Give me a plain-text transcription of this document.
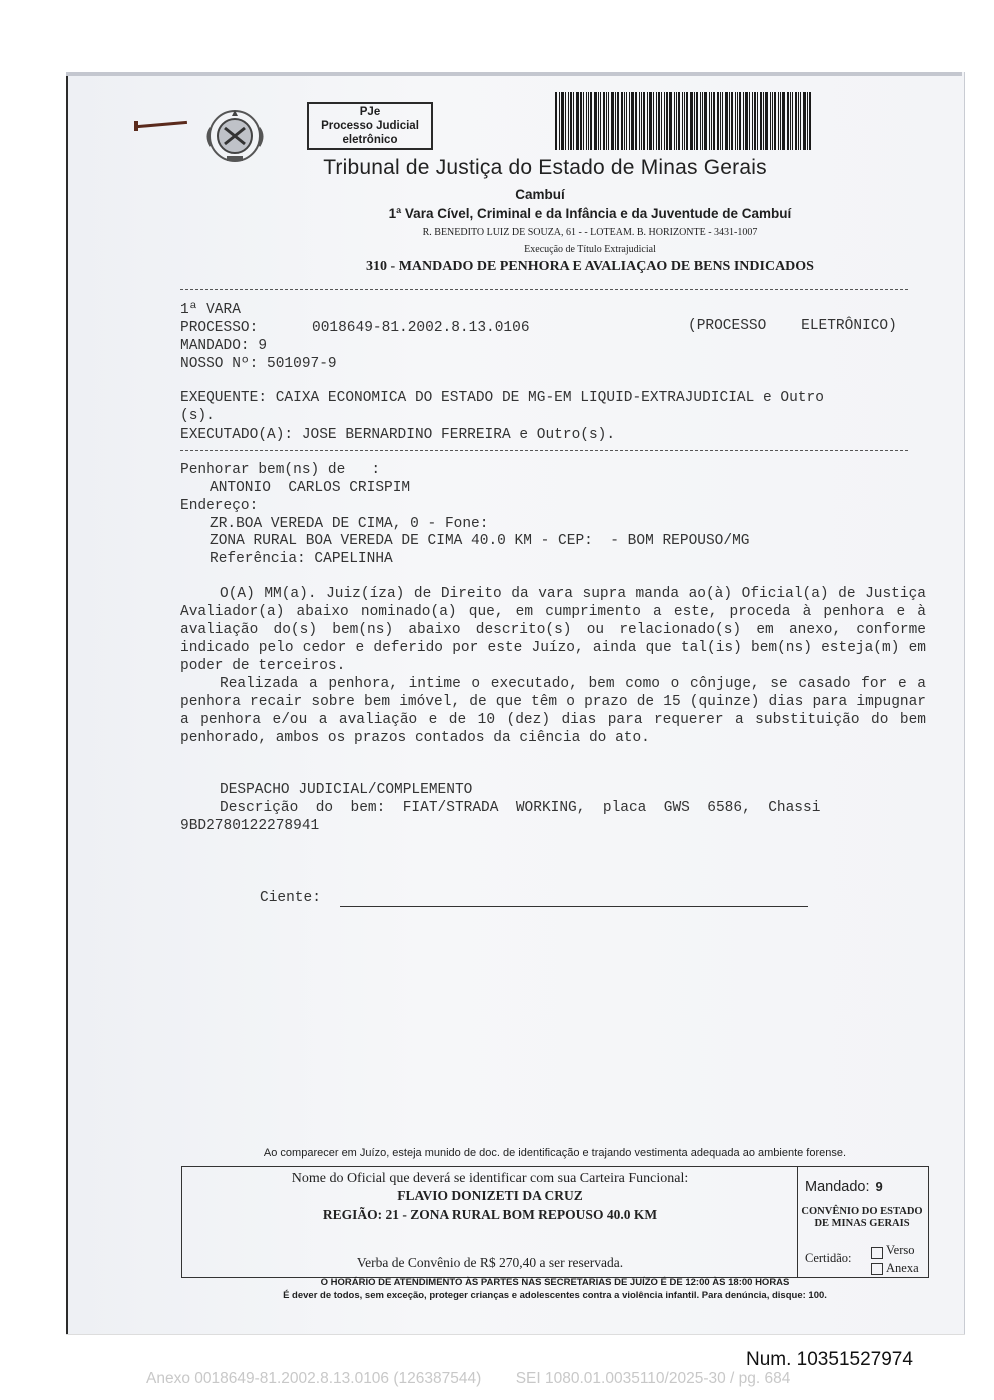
PJe
Processo Judicial
eletrônico
Tribunal de Justiça do Estado de Minas Gerais
Cambuí
1ª Vara Cível, Criminal e da Infância e da Juventude de Cambuí
R. BENEDITO LUIZ DE SOUZA, 61 - - LOTEAM. B. HORIZONTE - 3431-1007
Execução de Título Extrajudicial
310 - MANDADO DE PENHORA E AVALIAÇAO DE BENS INDICADOS
1ª VARA
PROCESSO:	0018649-81.2002.8.13.0106	(PROCESSO    ELETRÔNICO)
MANDADO: 9
NOSSO Nº: 501097-9
EXEQUENTE: CAIXA ECONOMICA DO ESTADO DE MG-EM LIQUID-EXTRAJUDICIAL e Outro
(s).
EXECUTADO(A): JOSE BERNARDINO FERREIRA e Outro(s).
Penhorar bem(ns) de   :
ANTONIO  CARLOS CRISPIM
Endereço:
ZR.BOA VEREDA DE CIMA, 0 - Fone:
ZONA RURAL BOA VEREDA DE CIMA 40.0 KM - CEP:  - BOM REPOUSO/MG
Referência: CAPELINHA

O(A) MM(a). Juiz(íza) de Direito da vara supra manda ao(à) Oficial(a) de Justiça Avaliador(a) abaixo nominado(a) que, em cumprimento a este, proceda à penhora e à avaliação do(s) bem(ns) abaixo descrito(s) ou relacionado(s) em anexo, conforme indicado pelo cedor e deferido por este Juízo, ainda que tal(is) bem(ns) esteja(m) em poder de terceiros.

Realizada a penhora, intime o executado, bem como o cônjuge, se casado for e a penhora recair sobre bem imóvel, de que têm o prazo de 15 (quinze) dias para impugnar a penhora e/ou a avaliação e de 10 (dez) dias para requerer a substituição do bem penhorado, ambos os prazos contados da ciência do ato.

DESPACHO JUDICIAL/COMPLEMENTO
Descrição  do  bem:  FIAT/STRADA  WORKING,  placa  GWS  6586,  Chassi
9BD2780122278941
Ciente:
Ao comparecer em Juízo, esteja munido de doc. de identificação e trajando vestimenta adequada ao ambiente forense.
Nome do Oficial que deverá se identificar com sua Carteira Funcional:
FLAVIO DONIZETI DA CRUZ
REGIÃO: 21 - ZONA RURAL BOM REPOUSO 40.0 KM
Verba de Convênio de R$ 270,40 a ser reservada.
Mandado: 9
CONVÊNIO DO ESTADO
DE MINAS GERAIS
Certidão:
Verso
Anexa
O HORÁRIO DE ATENDIMENTO ÀS PARTES NAS SECRETARIAS DE JUÍZO É DE 12:00 ÀS 18:00 HORAS
É dever de todos, sem exceção, proteger crianças e adolescentes contra a violência infantil. Para denúncia, disque: 100.
Num. 10351527974
Anexo 0018649-81.2002.8.13.0106 (126387544)        SEI 1080.01.0035110/2025-30 / pg. 684
